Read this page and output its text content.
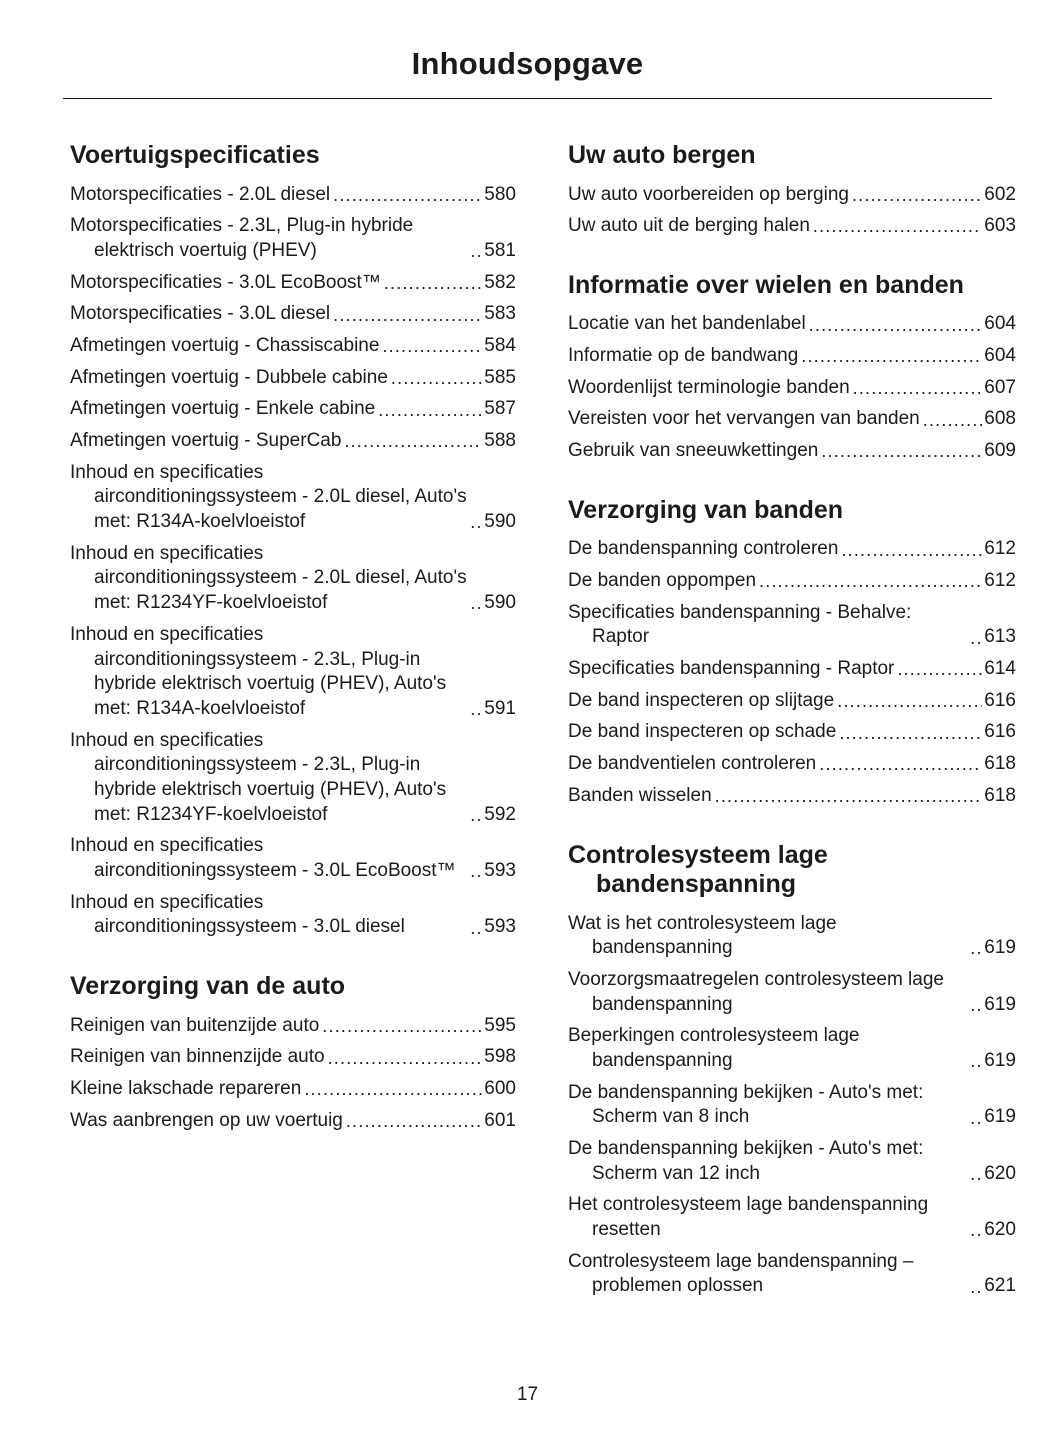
Inhoudsopgave
Voertuigspecificaties
Motorspecificaties - 2.0L diesel .....	580
Motorspecificaties - 2.3L, Plug-in hybride elektrisch voertuig (PHEV) .....	581
Motorspecificaties - 3.0L EcoBoost™ .....	582
Motorspecificaties - 3.0L diesel .....	583
Afmetingen voertuig - Chassiscabine .....	584
Afmetingen voertuig - Dubbele cabine .....	585
Afmetingen voertuig - Enkele cabine .....	587
Afmetingen voertuig - SuperCab .....	588
Inhoud en specificaties airconditioningssysteem - 2.0L diesel, Auto's met: R134A-koelvloeistof .....	590
Inhoud en specificaties airconditioningssysteem - 2.0L diesel, Auto's met: R1234YF-koelvloeistof .....	590
Inhoud en specificaties airconditioningssysteem - 2.3L, Plug-in hybride elektrisch voertuig (PHEV), Auto's met: R134A-koelvloeistof .....	591
Inhoud en specificaties airconditioningssysteem - 2.3L, Plug-in hybride elektrisch voertuig (PHEV), Auto's met: R1234YF-koelvloeistof .....	592
Inhoud en specificaties airconditioningssysteem - 3.0L EcoBoost™ .....	593
Inhoud en specificaties airconditioningssysteem - 3.0L diesel .....	593
Verzorging van de auto
Reinigen van buitenzijde auto .....	595
Reinigen van binnenzijde auto .....	598
Kleine lakschade repareren .....	600
Was aanbrengen op uw voertuig .....	601
Uw auto bergen
Uw auto voorbereiden op berging .....	602
Uw auto uit de berging halen .....	603
Informatie over wielen en banden
Locatie van het bandenlabel .....	604
Informatie op de bandwang .....	604
Woordenlijst terminologie banden .....	607
Vereisten voor het vervangen van banden .....	608
Gebruik van sneeuwkettingen .....	609
Verzorging van banden
De bandenspanning controleren .....	612
De banden oppompen .....	612
Specificaties bandenspanning - Behalve: Raptor .....	613
Specificaties bandenspanning - Raptor .....	614
De band inspecteren op slijtage .....	616
De band inspecteren op schade .....	616
De bandventielen controleren .....	618
Banden wisselen .....	618
Controlesysteem lage bandenspanning
Wat is het controlesysteem lage bandenspanning .....	619
Voorzorgsmaatregelen controlesysteem lage bandenspanning .....	619
Beperkingen controlesysteem lage bandenspanning .....	619
De bandenspanning bekijken - Auto's met: Scherm van 8 inch .....	619
De bandenspanning bekijken - Auto's met: Scherm van 12 inch .....	620
Het controlesysteem lage bandenspanning resetten .....	620
Controlesysteem lage bandenspanning – problemen oplossen .....	621
17
